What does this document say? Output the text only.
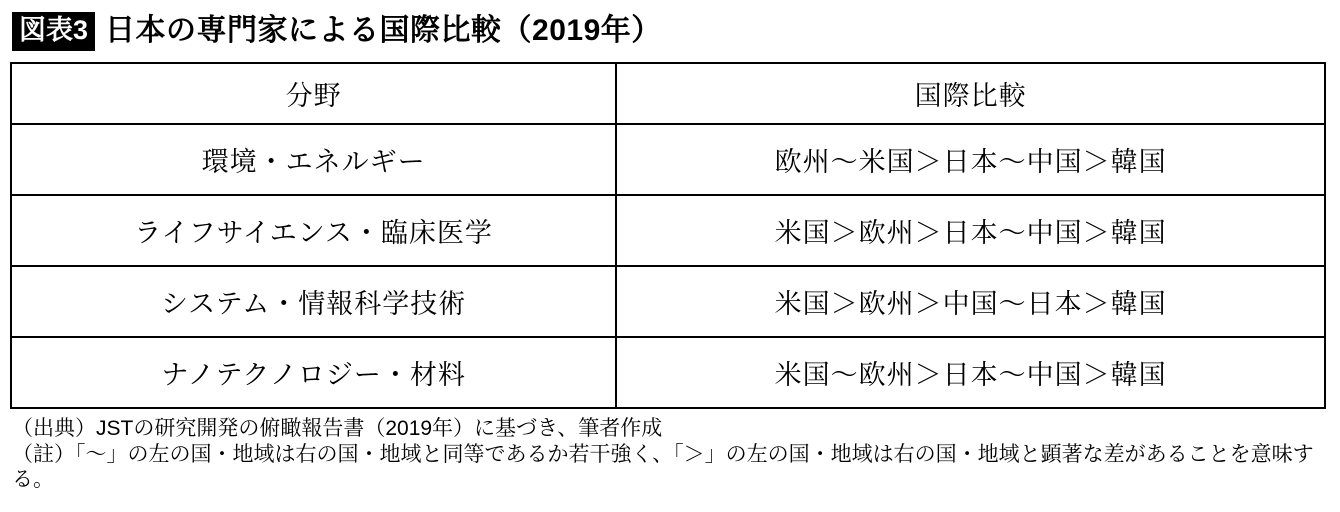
図表3 日本の専門家による国際比較（2019年）
分野	国際比較
環境・エネルギー	欧州〜米国＞日本〜中国＞韓国
ライフサイエンス・臨床医学	米国＞欧州＞日本〜中国＞韓国
システム・情報科学技術	米国＞欧州＞中国〜日本＞韓国
ナノテクノロジー・材料	米国〜欧州＞日本〜中国＞韓国
（出典）JSTの研究開発の俯瞰報告書（2019年）に基づき、筆者作成
（註）「〜」の左の国・地域は右の国・地域と同等であるか若干強く、「＞」の左の国・地域は右の国・地域と顕著な差があることを意味する。
